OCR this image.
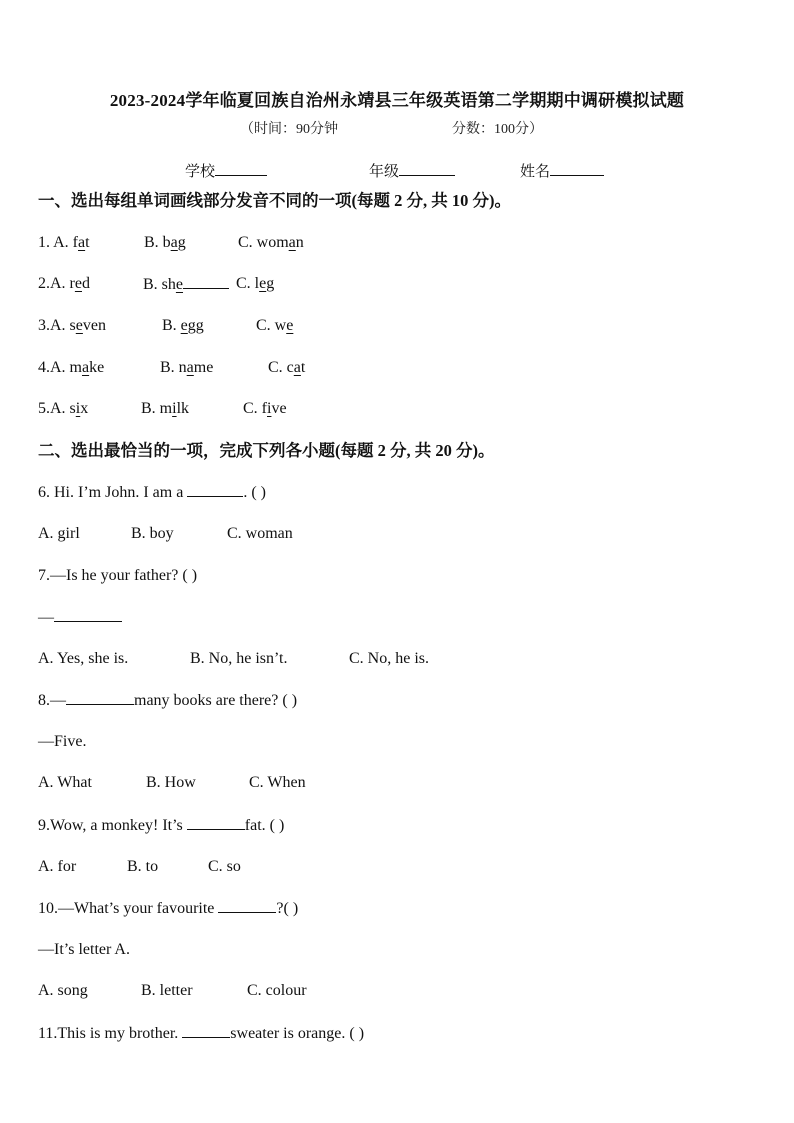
2023-2024学年临夏回族自治州永靖县三年级英语第二学期期中调研模拟试题
（时间：90分钟	分数：100分）
学校	年级	姓名
一、选出每组单词画线部分发音不同的一项(每题 2 分, 共 10 分)。
1. A. fat	B. bag	C. woman
2.A. red	B. she	C. leg
3.A. seven	B. egg	C. we
4.A. make	B. name	C. cat
5.A. six	B. milk	C. five
二、选出最恰当的一项，完成下列各小题(每题 2 分, 共 20 分)。
6. Hi. I’m John. I am a	. ( )
A. girl	B. boy	C. woman
7.—Is he your father? ( )
—
A. Yes, she is.	B. No, he isn’t.	C. No, he is.
8.—	many books are there? ( )
—Five.
A. What	B. How	C. When
9.Wow, a monkey! It’s	fat. ( )
A. for	B. to	C. so
10.—What’s your favourite	?( )
—It’s letter A.
A. song	B. letter	C. colour
11.This is my brother.	sweater is orange. ( )
